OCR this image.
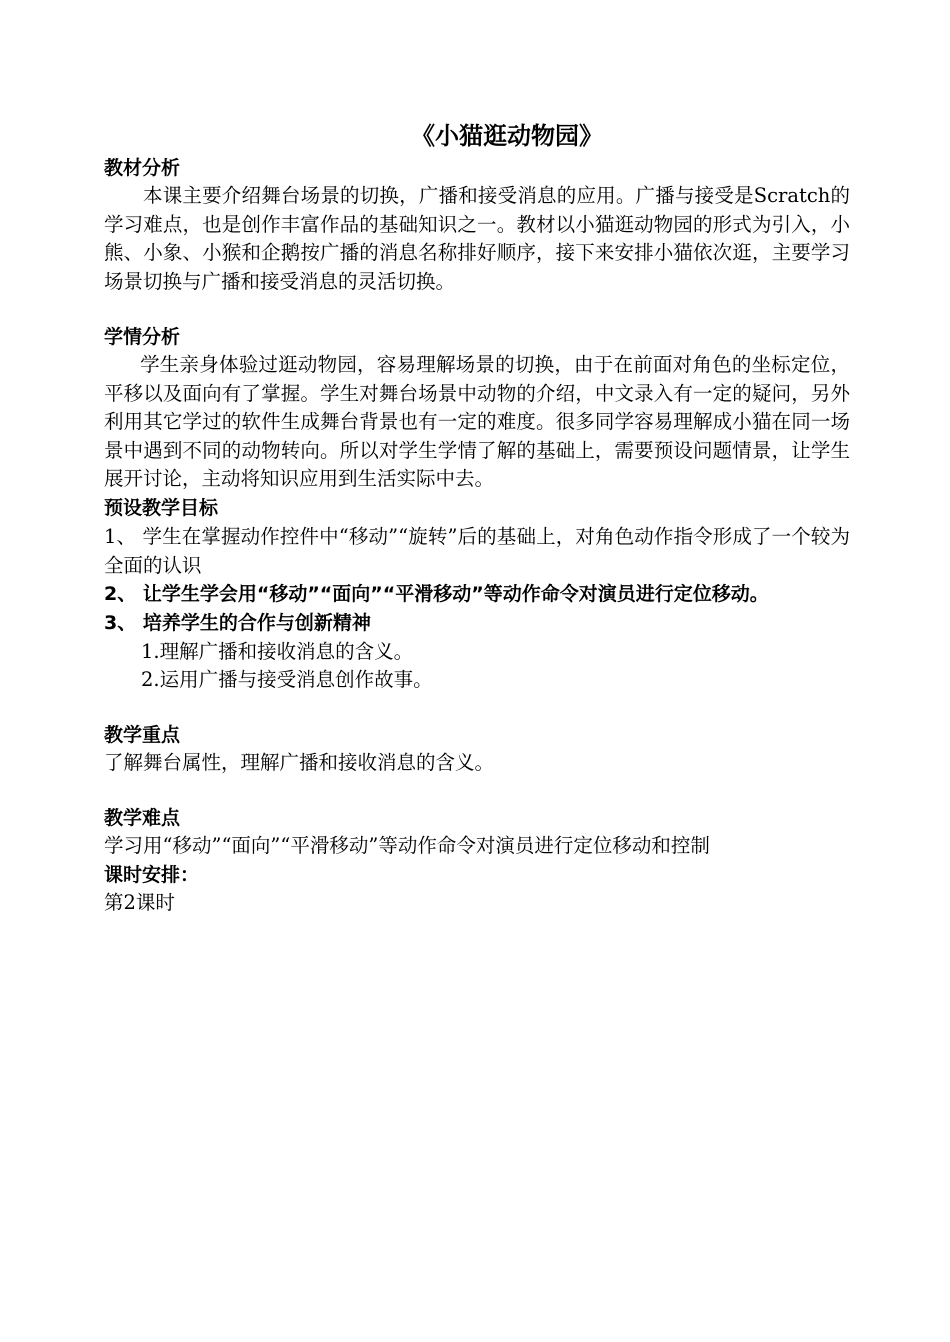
《小猫逛动物园》
教材分析

本课主要介绍舞台场景的切换，广播和接受消息的应用。广播与接受是Scratch的学习难点，也是创作丰富作品的基础知识之一。教材以小猫逛动物园的形式为引入，小熊、小象、小猴和企鹅按广播的消息名称排好顺序，接下来安排小猫依次逛，主要学习场景切换与广播和接受消息的灵活切换。

学情分析

学生亲身体验过逛动物园，容易理解场景的切换，由于在前面对角色的坐标定位，平移以及面向有了掌握。学生对舞台场景中动物的介绍，中文录入有一定的疑问，另外利用其它学过的软件生成舞台背景也有一定的难度。很多同学容易理解成小猫在同一场景中遇到不同的动物转向。所以对学生学情了解的基础上，需要预设问题情景，让学生展开讨论，主动将知识应用到生活实际中去。

预设教学目标

1、 学生在掌握动作控件中“移动”“旋转”后的基础上，对角色动作指令形成了一个较为全面的认识

2、 让学生学会用“移动”“面向”“平滑移动”等动作命令对演员进行定位移动。

3、 培养学生的合作与创新精神

1.理解广播和接收消息的含义。
2.运用广播与接受消息创作故事。
教学重点

了解舞台属性，理解广播和接收消息的含义。

教学难点

学习用“移动”“面向”“平滑移动”等动作命令对演员进行定位移动和控制

课时安排：

第2课时
